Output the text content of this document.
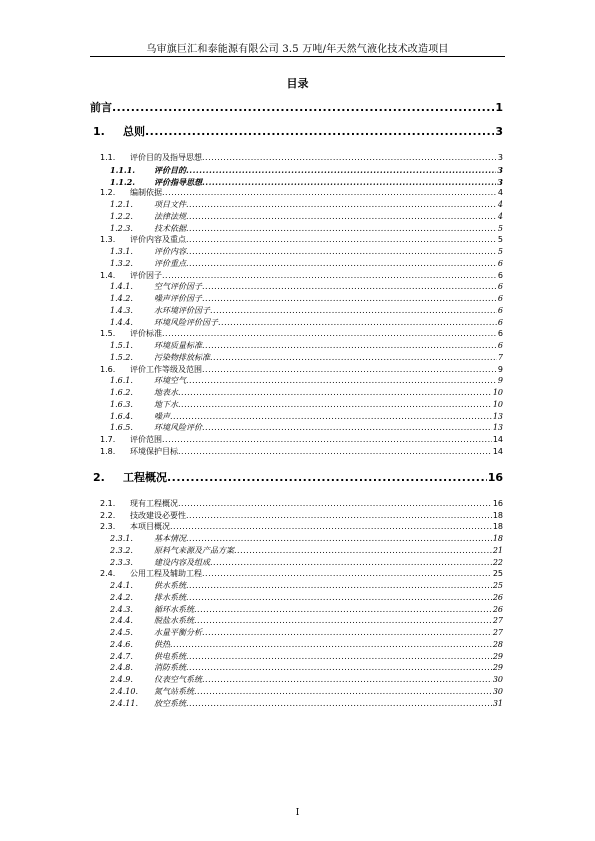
乌审旗巨汇和泰能源有限公司 3.5 万吨/年天然气液化技术改造项目
目录
前言 .....	1
1.	总则 .....	3
1.1.	评价目的及指导思想 .....	3
1.1.1.	评价目的 .....	3
1.1.2.	评价指导思想 .....	3
1.2.	编制依据 .....	4
1.2.1.	项目文件 .....	4
1.2.2.	法律法规 .....	4
1.2.3.	技术依据 .....	5
1.3.	评价内容及重点 .....	5
1.3.1.	评价内容 .....	5
1.3.2.	评价重点 .....	6
1.4.	评价因子 .....	6
1.4.1.	空气评价因子 .....	6
1.4.2.	噪声评价因子 .....	6
1.4.3.	水环境评价因子 .....	6
1.4.4.	环境风险评价因子 .....	6
1.5.	评价标准 .....	6
1.5.1.	环境质量标准 .....	6
1.5.2.	污染物排放标准 .....	7
1.6.	评价工作等级及范围 .....	9
1.6.1.	环境空气 .....	9
1.6.2.	地表水 .....	10
1.6.3.	地下水 .....	10
1.6.4.	噪声 .....	13
1.6.5.	环境风险评价 .....	13
1.7.	评价范围 .....	14
1.8.	环境保护目标 .....	14
2.	工程概况 .....	16
2.1.	现有工程概况 .....	16
2.2.	技改建设必要性 .....	18
2.3.	本项目概况 .....	18
2.3.1.	基本情况 .....	18
2.3.2.	原料气来源及产品方案 .....	21
2.3.3.	建设内容及组成 .....	22
2.4.	公用工程及辅助工程 .....	25
2.4.1.	供水系统 .....	25
2.4.2.	排水系统 .....	26
2.4.3.	循环水系统 .....	26
2.4.4.	脱盐水系统 .....	27
2.4.5.	水量平衡分析 .....	27
2.4.6.	供热 .....	28
2.4.7.	供电系统 .....	29
2.4.8.	消防系统 .....	29
2.4.9.	仪表空气系统 .....	30
2.4.10.	氮气站系统 .....	30
2.4.11.	放空系统 .....	31
I
